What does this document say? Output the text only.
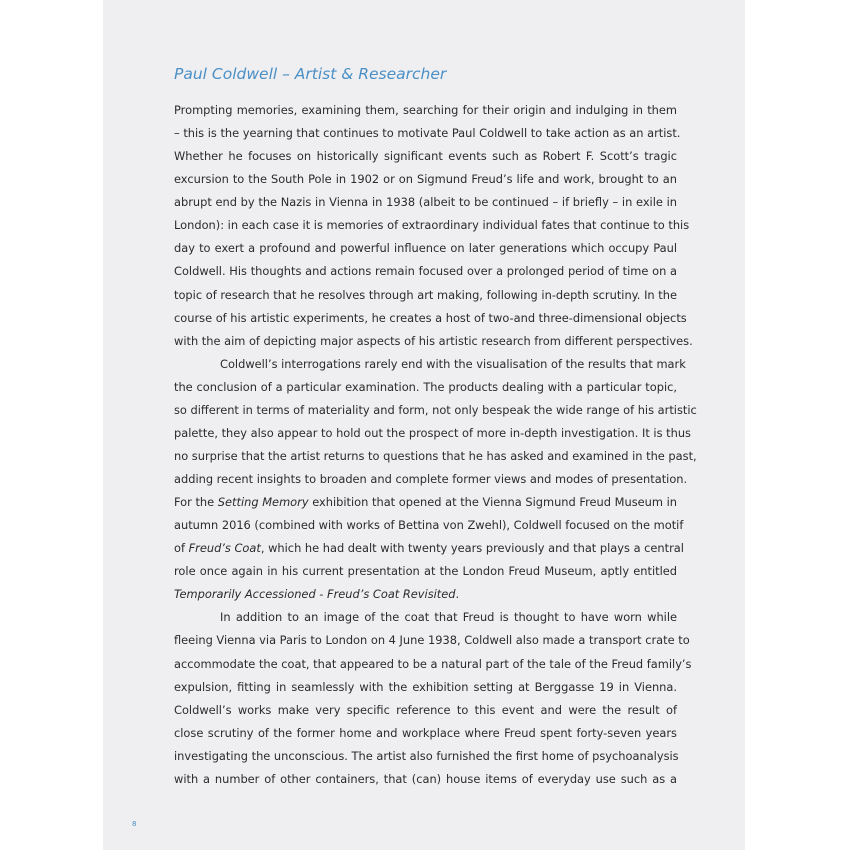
Paul Coldwell – Artist & Researcher

Prompting memories, examining them, searching for their origin and indulging in them
– this is the yearning that continues to motivate Paul Coldwell to take action as an artist.
Whether he focuses on historically significant events such as Robert F. Scott’s tragic
excursion to the South Pole in 1902 or on Sigmund Freud’s life and work, brought to an
abrupt end by the Nazis in Vienna in 1938 (albeit to be continued – if briefly – in exile in
London): in each case it is memories of extraordinary individual fates that continue to this
day to exert a profound and powerful influence on later generations which occupy Paul
Coldwell. His thoughts and actions remain focused over a prolonged period of time on a
topic of research that he resolves through art making, following in-depth scrutiny. In the
course of his artistic experiments, he creates a host of two-and three-dimensional objects
with the aim of depicting major aspects of his artistic research from different perspectives.

Coldwell’s interrogations rarely end with the visualisation of the results that mark
the conclusion of a particular examination. The products dealing with a particular topic,
so different in terms of materiality and form, not only bespeak the wide range of his artistic
palette, they also appear to hold out the prospect of more in-depth investigation. It is thus
no surprise that the artist returns to questions that he has asked and examined in the past,
adding recent insights to broaden and complete former views and modes of presentation.
For the Setting Memory exhibition that opened at the Vienna Sigmund Freud Museum in
autumn 2016 (combined with works of Bettina von Zwehl), Coldwell focused on the motif
of Freud’s Coat, which he had dealt with twenty years previously and that plays a central
role once again in his current presentation at the London Freud Museum, aptly entitled
Temporarily Accessioned - Freud’s Coat Revisited.

In addition to an image of the coat that Freud is thought to have worn while
fleeing Vienna via Paris to London on 4 June 1938, Coldwell also made a transport crate to
accommodate the coat, that appeared to be a natural part of the tale of the Freud family’s
expulsion, fitting in seamlessly with the exhibition setting at Berggasse 19 in Vienna.
Coldwell’s works make very specific reference to this event and were the result of
close scrutiny of the former home and workplace where Freud spent forty-seven years
investigating the unconscious. The artist also furnished the first home of psychoanalysis
with a number of other containers, that (can) house items of everyday use such as a

8
